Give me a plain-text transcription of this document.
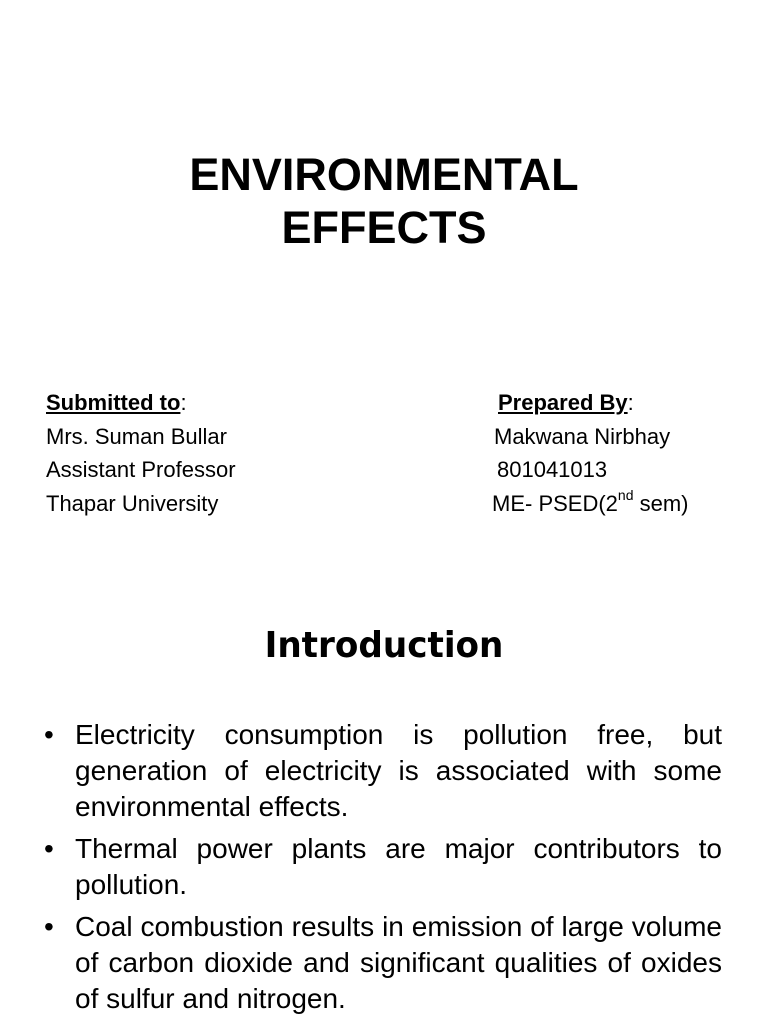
ENVIRONMENTAL
EFFECTS
Submitted to:
Mrs. Suman Bullar
Assistant Professor
Thapar University
Prepared By:
Makwana Nirbhay
801041013
ME- PSED(2nd sem)
Introduction
• Electricity consumption is pollution free, but generation of electricity is associated with some environmental effects.
• Thermal power plants are major contributors to pollution.
• Coal combustion results in emission of large volume of carbon dioxide and significant qualities of oxides of sulfur and nitrogen.
